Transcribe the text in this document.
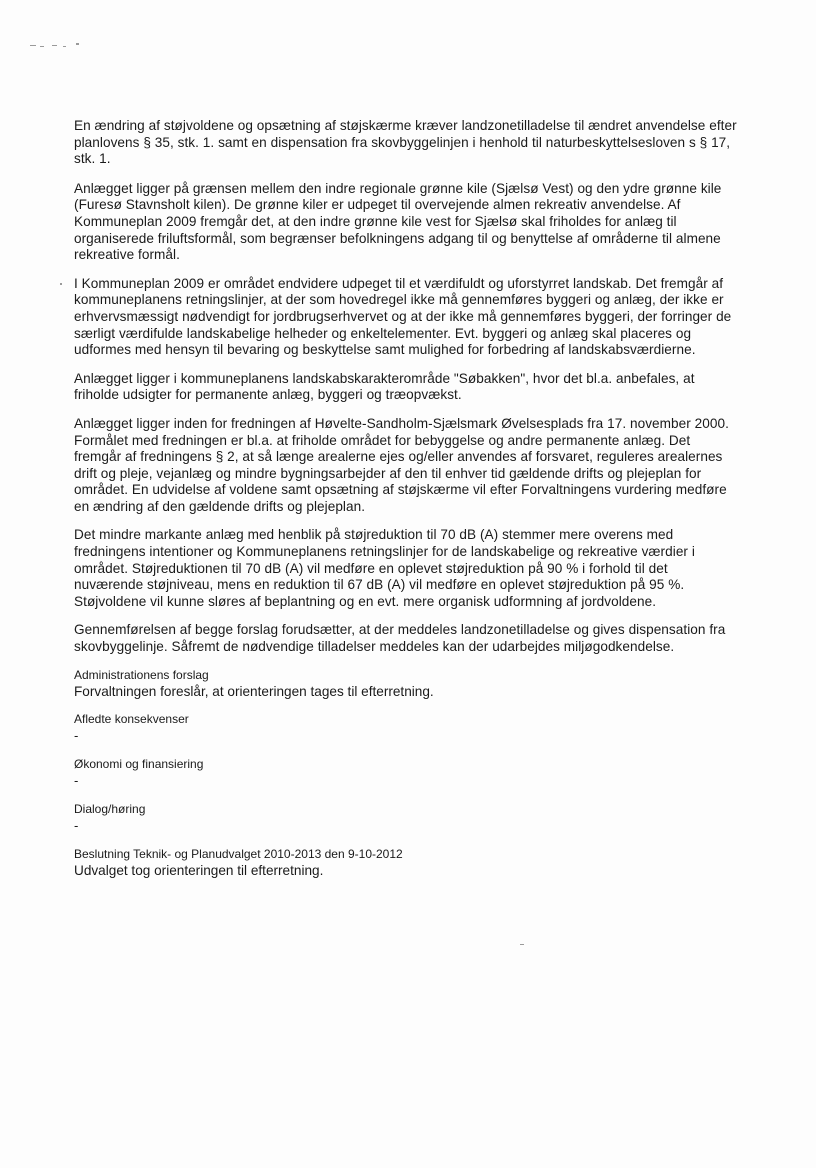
En ændring af støjvoldene og opsætning af støjskærme kræver landzonetilladelse til ændret anvendelse efter planlovens § 35, stk. 1. samt en dispensation fra skovbyggelinjen i henhold til naturbeskyttelsesloven s § 17, stk. 1.

Anlægget ligger på grænsen mellem den indre regionale grønne kile (Sjælsø Vest) og den ydre grønne kile (Furesø Stavnsholt kilen). De grønne kiler er udpeget til overvejende almen rekreativ anvendelse. Af Kommuneplan 2009 fremgår det, at den indre grønne kile vest for Sjælsø skal friholdes for anlæg til organiserede friluftsformål, som begrænser befolkningens adgang til og benyttelse af områderne til almene rekreative formål.

I Kommuneplan 2009 er området endvidere udpeget til et værdifuldt og uforstyrret landskab. Det fremgår af kommuneplanens retningslinjer, at der som hovedregel ikke må gennemføres byggeri og anlæg, der ikke er erhvervsmæssigt nødvendigt for jordbrugserhvervet og at der ikke må gennemføres byggeri, der forringer de særligt værdifulde landskabelige helheder og enkeltelementer. Evt. byggeri og anlæg skal placeres og udformes med hensyn til bevaring og beskyttelse samt mulighed for forbedring af landskabsværdierne.

Anlægget ligger i kommuneplanens landskabskarakterområde "Søbakken", hvor det bl.a. anbefales, at friholde udsigter for permanente anlæg, byggeri og træopvækst.

Anlægget ligger inden for fredningen af Høvelte-Sandholm-Sjælsmark Øvelsesplads fra 17. november 2000. Formålet med fredningen er bl.a. at friholde området for bebyggelse og andre permanente anlæg. Det fremgår af fredningens § 2, at så længe arealerne ejes og/eller anvendes af forsvaret, reguleres arealernes drift og pleje, vejanlæg og mindre bygningsarbejder af den til enhver tid gældende drifts og plejeplan for området. En udvidelse af voldene samt opsætning af støjskærme vil efter Forvaltningens vurdering medføre en ændring af den gældende drifts og plejeplan.

Det mindre markante anlæg med henblik på støjreduktion til 70 dB (A) stemmer mere overens med fredningens intentioner og Kommuneplanens retningslinjer for de landskabelige og rekreative værdier i området. Støjreduktionen til 70 dB (A) vil medføre en oplevet støjreduktion på 90 % i forhold til det nuværende støjniveau, mens en reduktion til 67 dB (A) vil medføre en oplevet støjreduktion på 95 %. Støjvoldene vil kunne sløres af beplantning og en evt. mere organisk udformning af jordvoldene.

Gennemførelsen af begge forslag forudsætter, at der meddeles landzonetilladelse og gives dispensation fra skovbyggelinje. Såfremt de nødvendige tilladelser meddeles kan der udarbejdes miljøgodkendelse.

Administrationens forslag

Forvaltningen foreslår, at orienteringen tages til efterretning.

Afledte konsekvenser

-

Økonomi og finansiering

-

Dialog/høring

-

Beslutning Teknik- og Planudvalget 2010-2013 den 9-10-2012

Udvalget tog orienteringen til efterretning.
